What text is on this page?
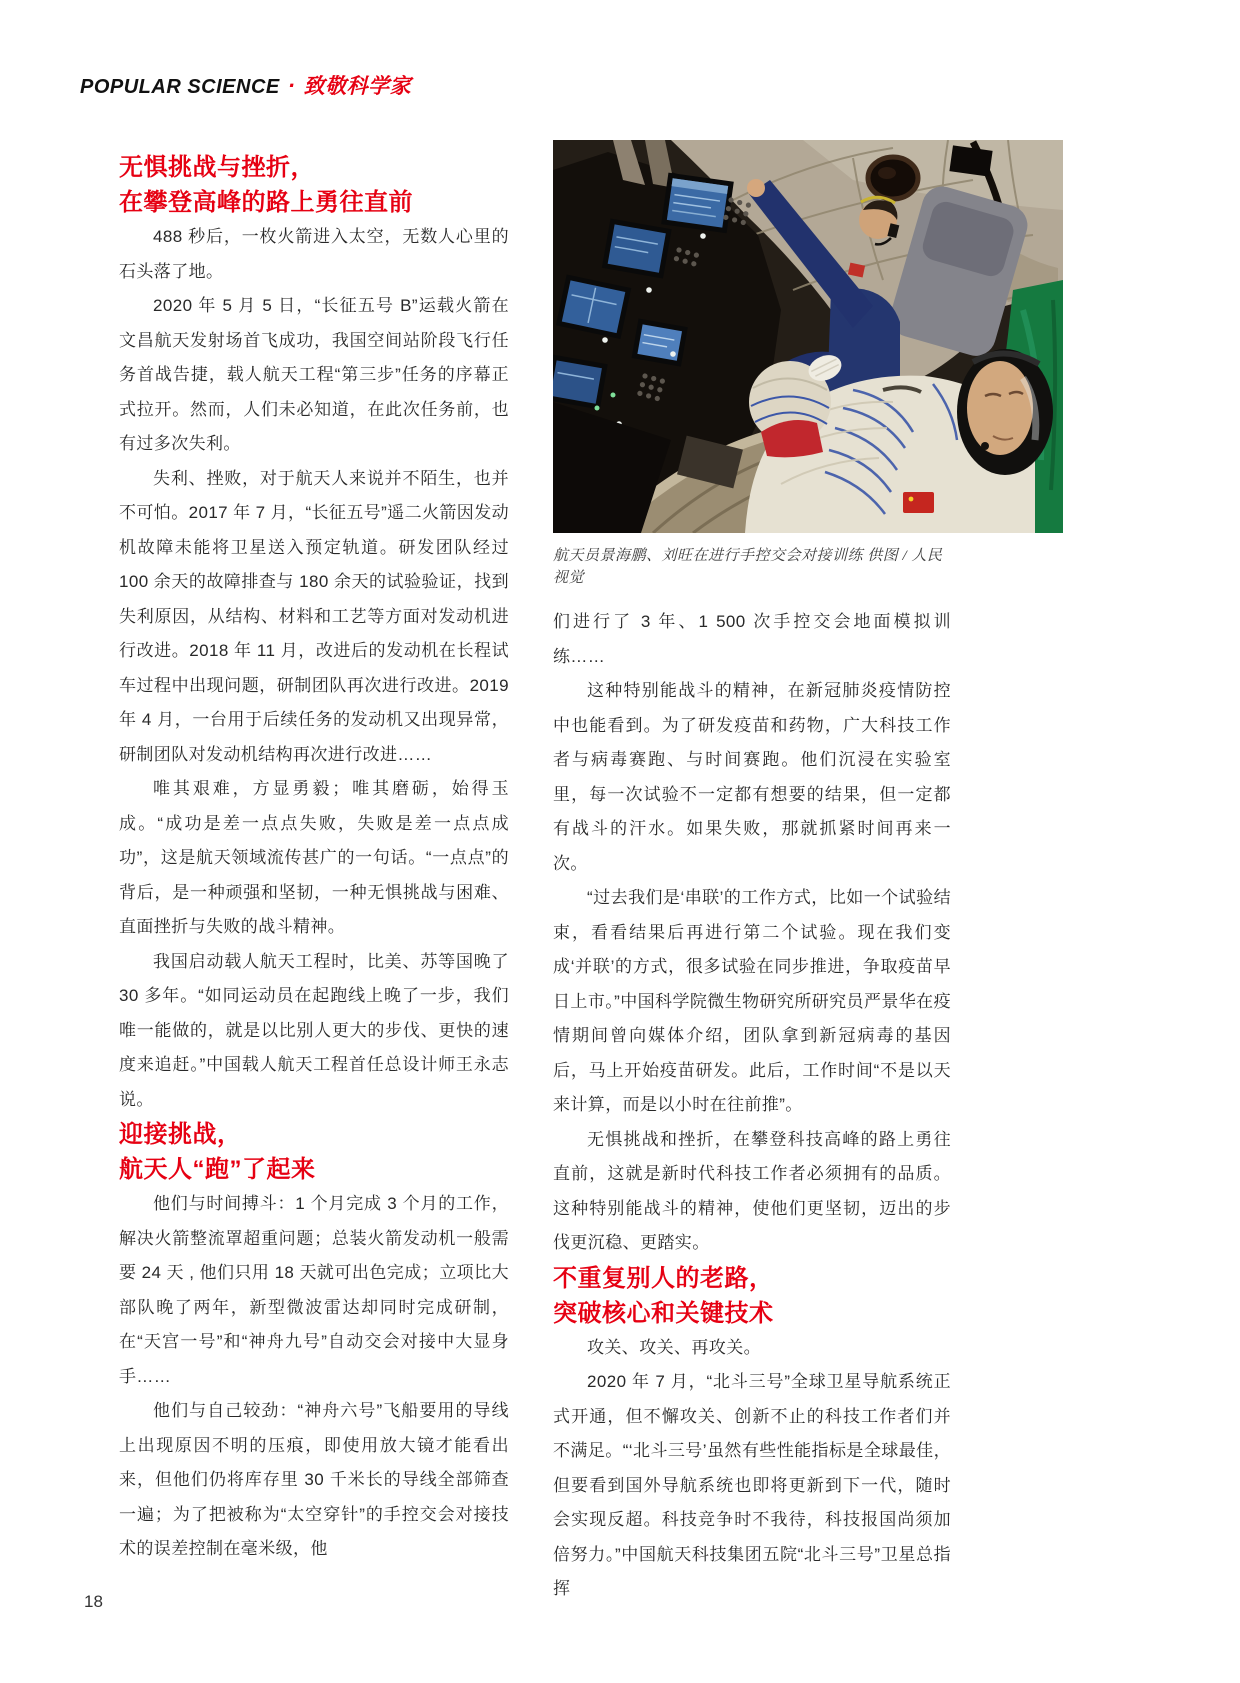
POPULAR SCIENCE · 致敬科学家
无惧挑战与挫折，
在攀登高峰的路上勇往直前

488 秒后，一枚火箭进入太空，无数人心里的石头落了地。

2020 年 5 月 5 日，“长征五号 B”运载火箭在文昌航天发射场首飞成功，我国空间站阶段飞行任务首战告捷，载人航天工程“第三步”任务的序幕正式拉开。然而，人们未必知道，在此次任务前，也有过多次失利。

失利、挫败，对于航天人来说并不陌生，也并不可怕。2017 年 7 月，“长征五号”遥二火箭因发动机故障未能将卫星送入预定轨道。研发团队经过 100 余天的故障排查与 180 余天的试验验证，找到失利原因，从结构、材料和工艺等方面对发动机进行改进。2018 年 11 月，改进后的发动机在长程试车过程中出现问题，研制团队再次进行改进。2019 年 4 月，一台用于后续任务的发动机又出现异常，研制团队对发动机结构再次进行改进……

唯其艰难，方显勇毅；唯其磨砺，始得玉成。“成功是差一点点失败，失败是差一点点成功”，这是航天领域流传甚广的一句话。“一点点”的背后，是一种顽强和坚韧，一种无惧挑战与困难、直面挫折与失败的战斗精神。

我国启动载人航天工程时，比美、苏等国晚了 30 多年。“如同运动员在起跑线上晚了一步，我们唯一能做的，就是以比别人更大的步伐、更快的速度来追赶。”中国载人航天工程首任总设计师王永志说。

迎接挑战，
航天人“跑”了起来

他们与时间搏斗：1 个月完成 3 个月的工作，解决火箭整流罩超重问题；总装火箭发动机一般需要 24 天 , 他们只用 18 天就可出色完成；立项比大部队晚了两年，新型微波雷达却同时完成研制，在“天宫一号”和“神舟九号”自动交会对接中大显身手……

他们与自己较劲：“神舟六号”飞船要用的导线上出现原因不明的压痕，即使用放大镜才能看出来，但他们仍将库存里 30 千米长的导线全部筛查一遍；为了把被称为“太空穿针”的手控交会对接技术的误差控制在毫米级，他

航天员景海鹏、刘旺在进行手控交会对接训练 供图 / 人民视觉

们进行了 3 年、1 500 次手控交会地面模拟训练……

这种特别能战斗的精神，在新冠肺炎疫情防控中也能看到。为了研发疫苗和药物，广大科技工作者与病毒赛跑、与时间赛跑。他们沉浸在实验室里，每一次试验不一定都有想要的结果，但一定都有战斗的汗水。如果失败，那就抓紧时间再来一次。

“过去我们是‘串联’的工作方式，比如一个试验结束，看看结果后再进行第二个试验。现在我们变成‘并联’的方式，很多试验在同步推进，争取疫苗早日上市。”中国科学院微生物研究所研究员严景华在疫情期间曾向媒体介绍，团队拿到新冠病毒的基因后，马上开始疫苗研发。此后，工作时间“不是以天来计算，而是以小时在往前推”。

无惧挑战和挫折，在攀登科技高峰的路上勇往直前，这就是新时代科技工作者必须拥有的品质。这种特别能战斗的精神，使他们更坚韧，迈出的步伐更沉稳、更踏实。

不重复别人的老路，
突破核心和关键技术

攻关、攻关、再攻关。

2020 年 7 月，“北斗三号”全球卫星导航系统正式开通，但不懈攻关、创新不止的科技工作者们并不满足。“‘北斗三号’虽然有些性能指标是全球最佳，但要看到国外导航系统也即将更新到下一代，随时会实现反超。科技竞争时不我待，科技报国尚须加倍努力。”中国航天科技集团五院“北斗三号”卫星总指挥

18
